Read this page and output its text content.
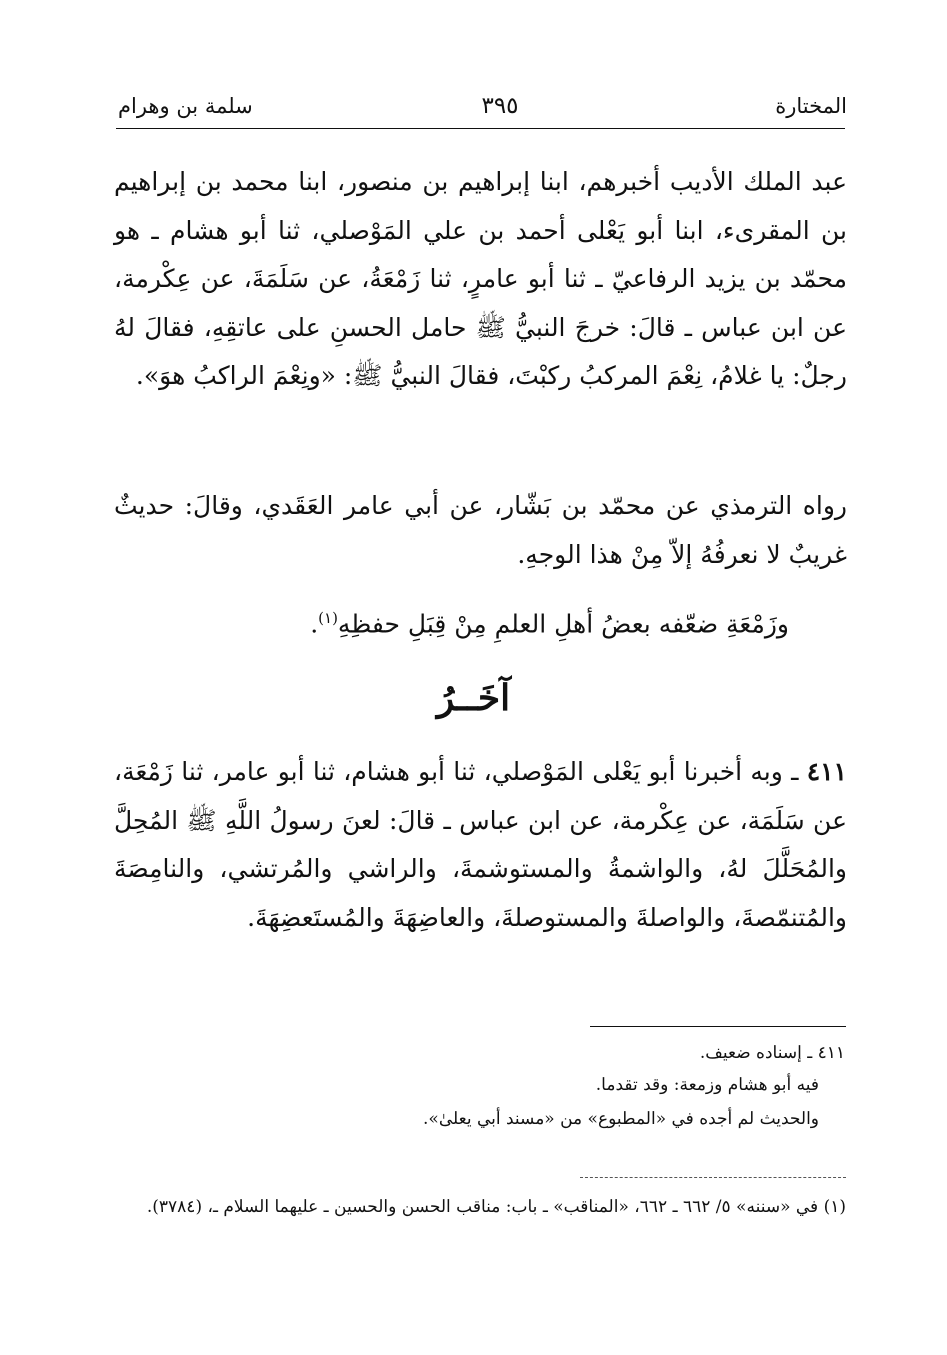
المختارة
٣٩٥
سلمة بن وهرام

عبد الملك الأديب أخبرهم، ابنا إبراهيم بن منصور، ابنا محمد بن إبراهيم بن المقرىء، ابنا أبو يَعْلى أحمد بن علي المَوْصلي، ثنا أبو هشام ـ هو محمّد بن يزيد الرفاعيّ ـ ثنا أبو عامرٍ، ثنا زَمْعَةُ، عن سَلَمَةَ، عن عِكْرمة، عن ابن عباس ـ قالَ: خرجَ النبيُّ ﷺ حامل الحسنِ على عاتقِهِ، فقالَ لهُ رجلٌ: يا غلامُ، نِعْمَ المركبُ ركبْتَ، فقالَ النبيُّ ﷺ: «ونِعْمَ الراكبُ هوَ».

رواه الترمذي عن محمّد بن بَشّار، عن أبي عامر العَقَدي، وقالَ: حديثٌ غريبٌ لا نعرفُهُ إلاّ مِنْ هذا الوجهِ.

وزَمْعَةِ ضعّفه بعضُ أهلِ العلمِ مِنْ قِبَلِ حفظِهِ$^{(١)}$.

آخَــرُ

٤١١ ـ وبه أخبرنا أبو يَعْلى المَوْصلي، ثنا أبو هشام، ثنا أبو عامر، ثنا زَمْعَة، عن سَلَمَة، عن عِكْرمة، عن ابن عباس ـ قالَ: لعنَ رسولُ اللَّهِ ﷺ المُحِلَّ والمُحَلَّلَ لهُ، والواشمةُ والمستوشمةَ، والراشي والمُرتشي، والنامِصَةَ والمُتنمّصةَ، والواصلةَ والمستوصلةَ، والعاضِهَةَ والمُستَعضِهَةَ.

٤١١ ـ إسناده ضعيف.
فيه أبو هشام وزمعة: وقد تقدما.
والحديث لم أجده في «المطبوع» من «مسند أبي يعلىٰ».
(١) في «سننه» ٥/ ٦٦٢ ـ ٦٦٢، «المناقب» ـ باب: مناقب الحسن والحسين ـ عليهما السلام ـ، (٣٧٨٤).
